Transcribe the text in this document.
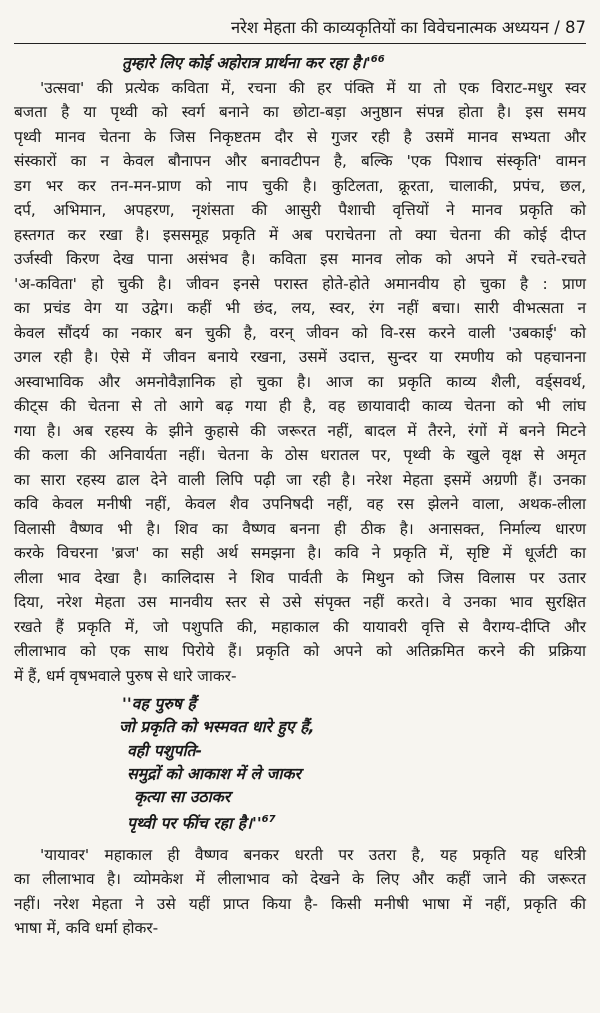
नरेश मेहता की काव्यकृतियों का विवेचनात्मक अध्ययन / 87
तुम्हारे लिए कोई अहोरात्र प्रार्थना कर रहा $है।'^{66}$
'उत्सवा' की प्रत्येक कविता में, रचना की हर पंक्ति में या तो एक विराट-मधुर स्वर
बजता है या पृथ्वी को स्वर्ग बनाने का छोटा-बड़ा अनुष्ठान संपन्न होता है। इस समय
पृथ्वी मानव चेतना के जिस निकृष्टतम दौर से गुजर रही है उसमें मानव सभ्यता और
संस्कारों का न केवल बौनापन और बनावटीपन है, बल्कि 'एक पिशाच संस्कृति' वामन
डग भर कर तन-मन-प्राण को नाप चुकी है। कुटिलता, क्रूरता, चालाकी, प्रपंच, छल,
दर्प, अभिमान, अपहरण, नृशंसता की आसुरी पैशाची वृत्तियों ने मानव प्रकृति को
हस्तगत कर रखा है। इससमूह प्रकृति में अब पराचेतना तो क्या चेतना की कोई दीप्त
उर्जस्वी किरण देख पाना असंभव है। कविता इस मानव लोक को अपने में रचते-रचते
'अ-कविता' हो चुकी है। जीवन इनसे परास्त होते-होते अमानवीय हो चुका है : प्राण
का प्रचंड वेग या उद्वेग। कहीं भी छंद, लय, स्वर, रंग नहीं बचा। सारी वीभत्सता न
केवल सौंदर्य का नकार बन चुकी है, वरन् जीवन को वि-रस करने वाली 'उबकाई' को
उगल रही है। ऐसे में जीवन बनाये रखना, उसमें उदात्त, सुन्दर या रमणीय को पहचानना
अस्वाभाविक और अमनोवैज्ञानिक हो चुका है। आज का प्रकृति काव्य शैली, वर्ड्सवर्थ,
कीट्स की चेतना से तो आगे बढ़ गया ही है, वह छायावादी काव्य चेतना को भी लांघ
गया है। अब रहस्य के झीने कुहासे की जरूरत नहीं, बादल में तैरने, रंगों में बनने मिटने
की कला की अनिवार्यता नहीं। चेतना के ठोस धरातल पर, पृथ्वी के खुले वृक्ष से अमृत
का सारा रहस्य ढाल देने वाली लिपि पढ़ी जा रही है। नरेश मेहता इसमें अग्रणी हैं। उनका
कवि केवल मनीषी नहीं, केवल शैव उपनिषदी नहीं, वह रस झेलने वाला, अथक-लीला
विलासी वैष्णव भी है। शिव का वैष्णव बनना ही ठीक है। अनासक्त, निर्माल्य धारण
करके विचरना 'ब्रज' का सही अर्थ समझना है। कवि ने प्रकृति में, सृष्टि में धूर्जटी का
लीला भाव देखा है। कालिदास ने शिव पार्वती के मिथुन को जिस विलास पर उतार
दिया, नरेश मेहता उस मानवीय स्तर से उसे संपृक्त नहीं करते। वे उनका भाव सुरक्षित
रखते हैं प्रकृति में, जो पशुपति की, महाकाल की यायावरी वृत्ति से वैराग्य-दीप्ति और
लीलाभाव को एक साथ पिरोये हैं। प्रकृति को अपने को अतिक्रमित करने की प्रक्रिया
में हैं, धर्म वृषभवाले पुरुष से धारे जाकर-
''वह पुरुष हैं
जो प्रकृति को भस्मवत धारे हुए हैं,
वही पशुपति-
समुद्रों को आकाश में ले जाकर
कृत्या सा उठाकर
पृथ्वी पर फींच रहा $है।''^{67}$
'यायावर' महाकाल ही वैष्णव बनकर धरती पर उतरा है, यह प्रकृति यह धरित्री
का लीलाभाव है। व्योमकेश में लीलाभाव को देखने के लिए और कहीं जाने की जरूरत
नहीं। नरेश मेहता ने उसे यहीं प्राप्त किया है- किसी मनीषी भाषा में नहीं, प्रकृति की
भाषा में, कवि धर्मा होकर-
